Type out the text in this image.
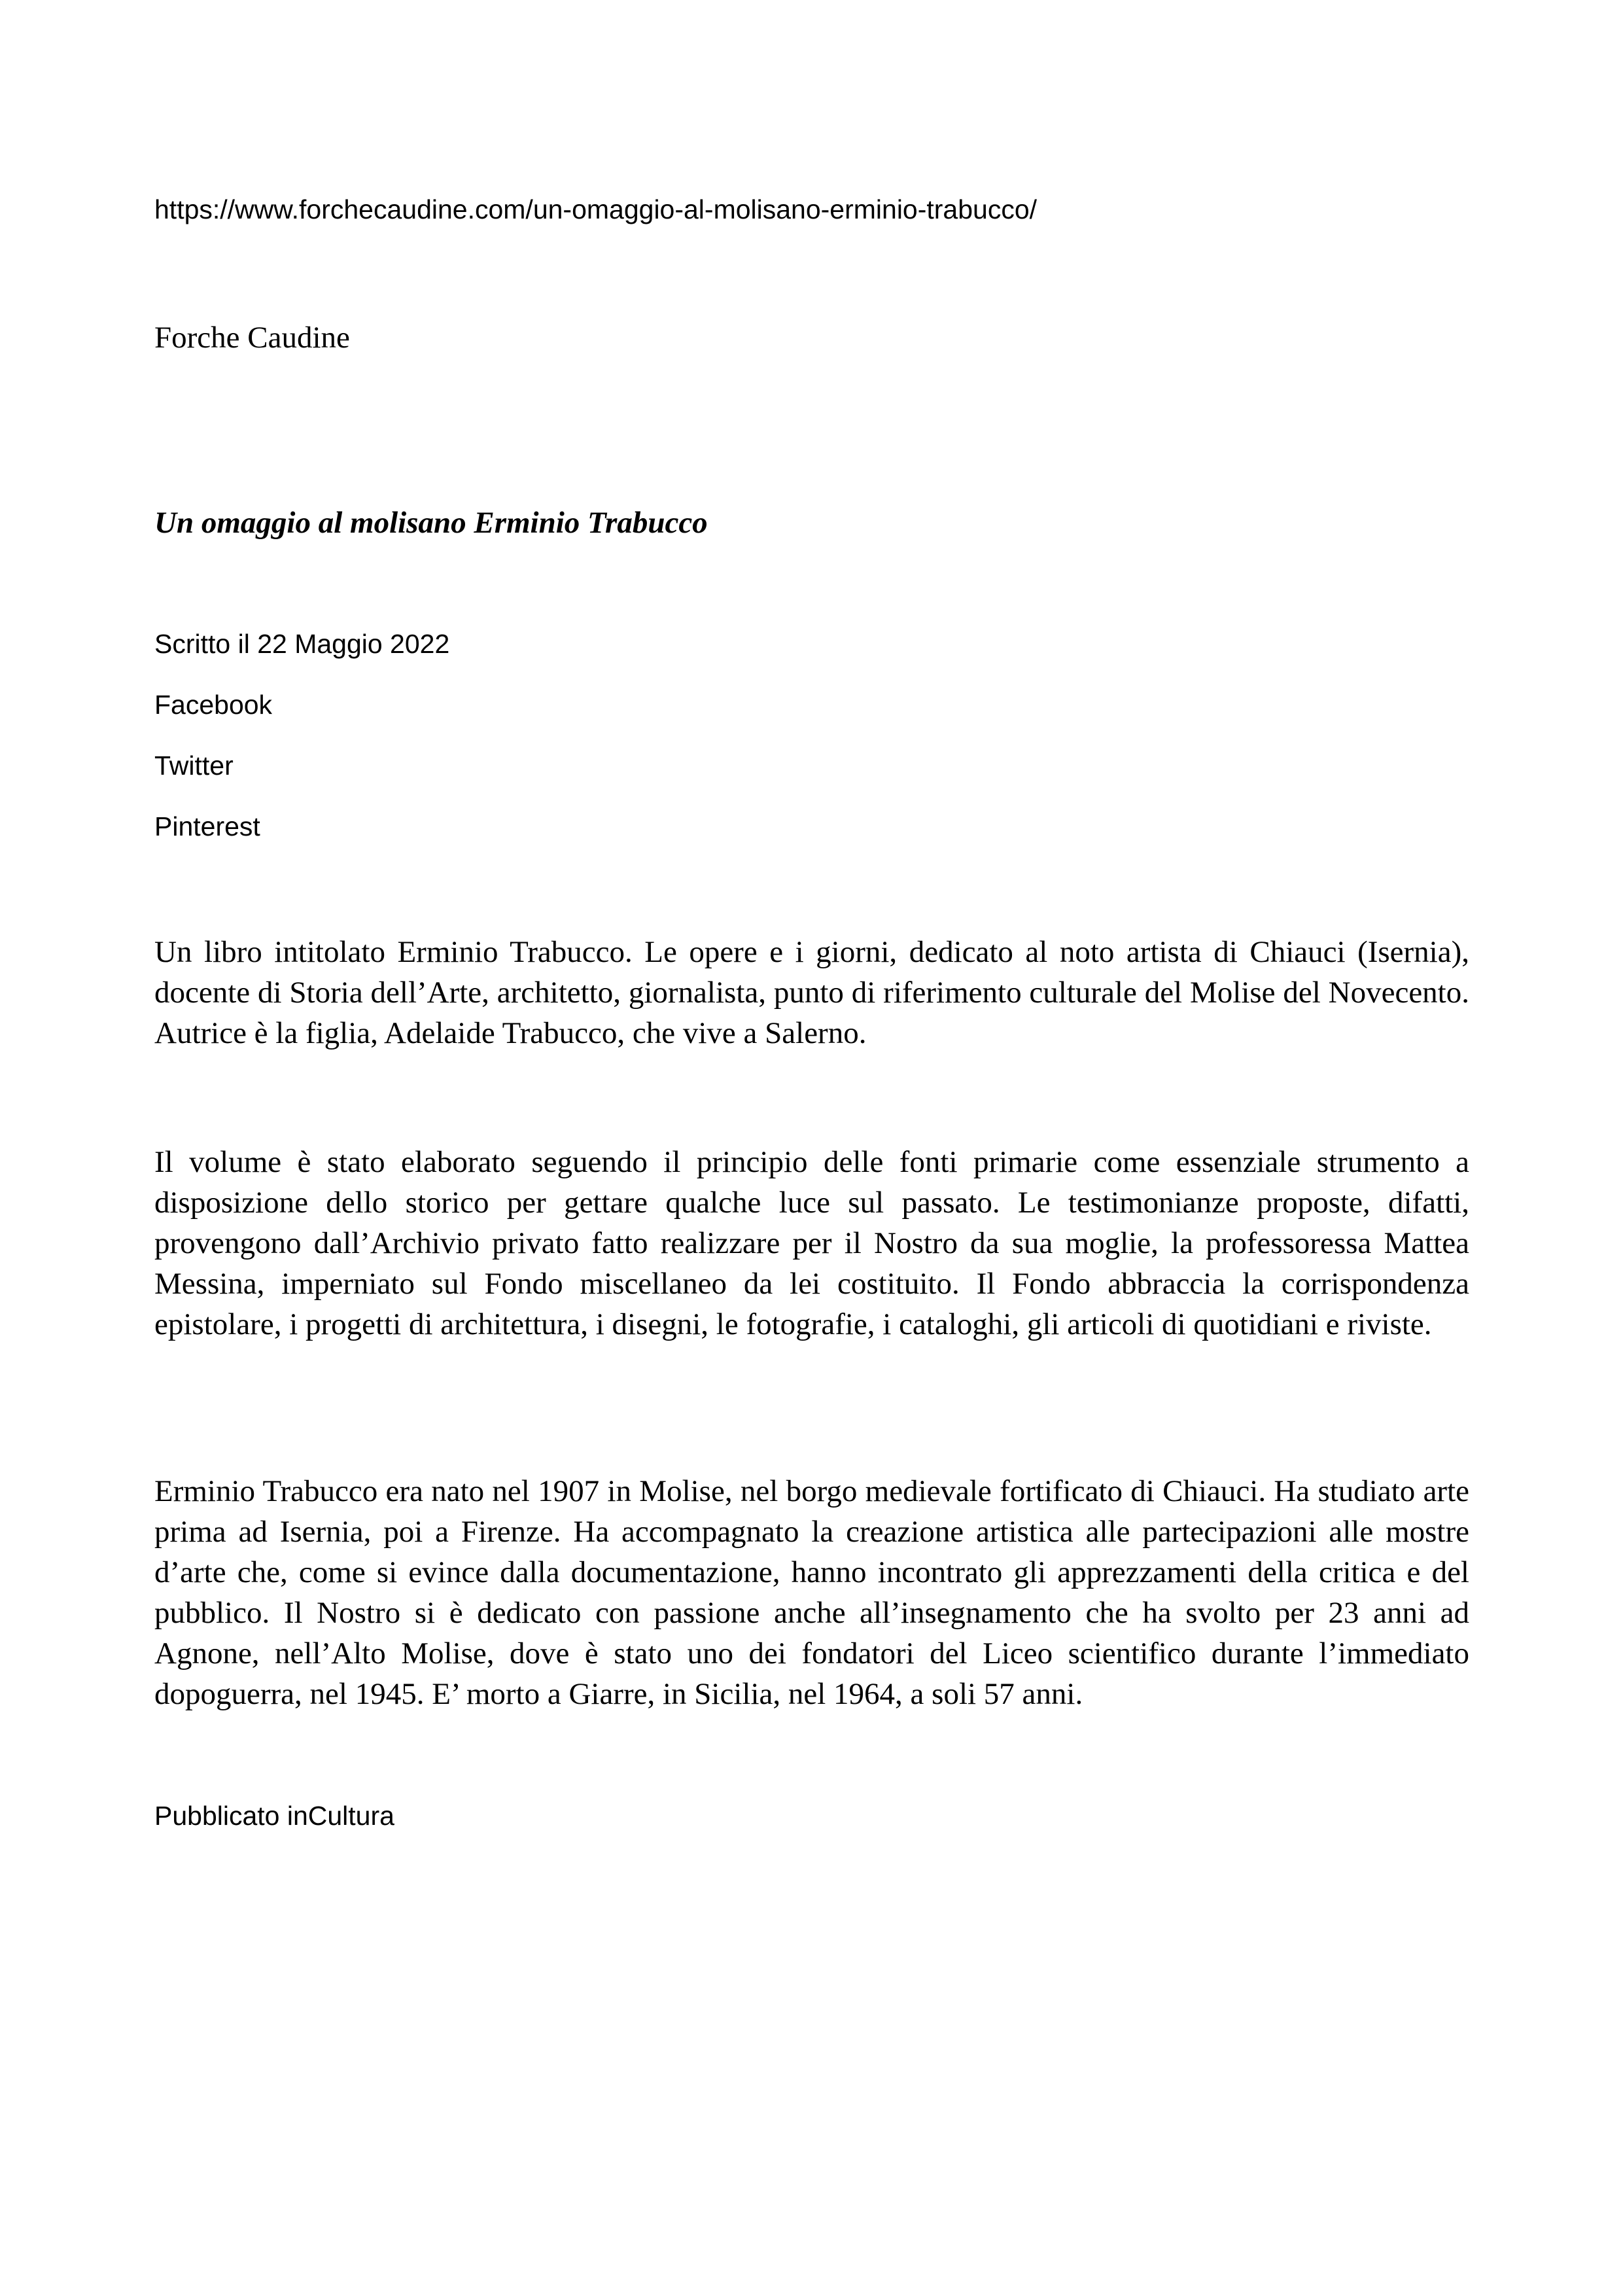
https://www.forchecaudine.com/un-omaggio-al-molisano-erminio-trabucco/
Forche Caudine
Un omaggio al molisano Erminio Trabucco
Scritto il 22 Maggio 2022
Facebook
Twitter
Pinterest

Un libro intitolato Erminio Trabucco. Le opere e i giorni, dedicato al noto artista di Chiauci (Isernia), docente di Storia dell’Arte, architetto, giornalista, punto di riferimento culturale del Molise del Novecento. Autrice è la figlia, Adelaide Trabucco, che vive a Salerno.

Il volume è stato elaborato seguendo il principio delle fonti primarie come essenziale strumento a disposizione dello storico per gettare qualche luce sul passato. Le testimonianze proposte, difatti, provengono dall’Archivio privato fatto realizzare per il Nostro da sua moglie, la professoressa Mattea Messina, imperniato sul Fondo miscellaneo da lei costituito. Il Fondo abbraccia la corrispondenza epistolare, i progetti di architettura, i disegni, le fotografie, i cataloghi, gli articoli di quotidiani e riviste.

Erminio Trabucco era nato nel 1907 in Molise, nel borgo medievale fortificato di Chiauci. Ha studiato arte prima ad Isernia, poi a Firenze. Ha accompagnato la creazione artistica alle partecipazioni alle mostre d’arte che, come si evince dalla documentazione, hanno incontrato gli apprezzamenti della critica e del pubblico. Il Nostro si è dedicato con passione anche all’insegnamento che ha svolto per 23 anni ad Agnone, nell’Alto Molise, dove è stato uno dei fondatori del Liceo scientifico durante l’immediato dopoguerra, nel 1945. E’ morto a Giarre, in Sicilia, nel 1964, a soli 57 anni.

Pubblicato inCultura
